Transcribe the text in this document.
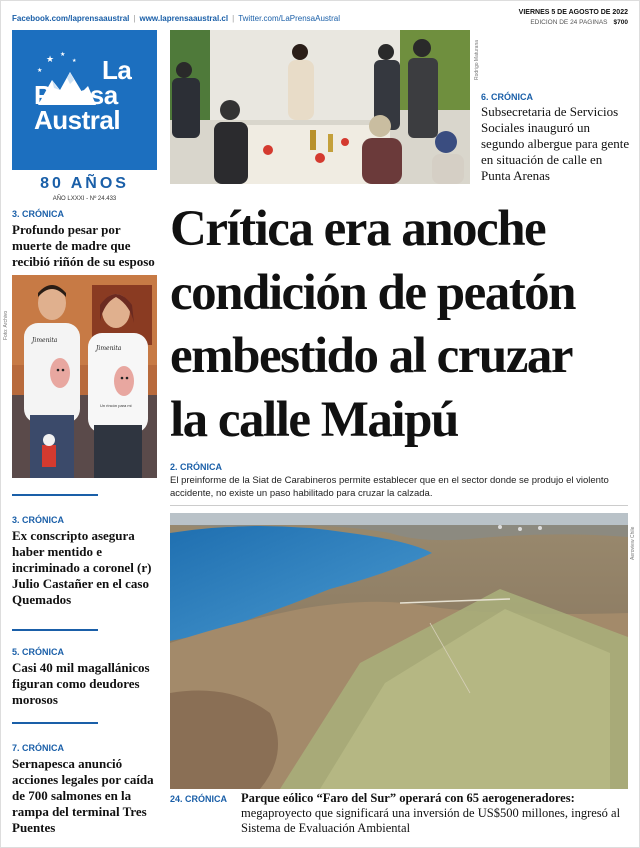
Facebook.com/laprensaaustral | www.laprensaaustral.cl | Twitter.com/LaPrensaAustral
VIERNES 5 DE AGOSTO DE 2022
EDICION DE 24 PAGINAS $700
★
★
★
★ La
Prensa
Austral
80 AÑOS
AÑO LXXXI - Nº 24.433
3. CRÓNICA
Profundo pesar por muerte de madre que recibió riñón de su esposo
Jimenita
Jimenita
Un rincón para mi
Foto: Archivo
3. CRÓNICA
Ex conscripto asegura haber mentido e incriminado a coronel (r) Julio Castañer en el caso Quemados
5. CRÓNICA
Casi 40 mil magallánicos figuran como deudores morosos
7. CRÓNICA
Sernapesca anunció acciones legales por caída de 700 salmones en la rampa del terminal Tres Puentes
Rodrigo Maturana
6. CRÓNICA
Subsecretaria de Servicios Sociales inauguró un segundo albergue para gente en situación de calle en Punta Arenas
Crítica era anoche
condición de peatón
embestido al cruzar
la calle Maipú
2. CRÓNICA
El preinforme de la Siat de Carabineros permite establecer que en el sector donde se produjo el violento accidente, no existe un paso habilitado para cruzar la calzada.
Aeroview Chile
24. CRÓNICA Parque eólico “Faro del Sur” operará con 65 aerogeneradores: megaproyecto que significará una inversión de US$500 millones, ingresó al Sistema de Evaluación Ambiental
